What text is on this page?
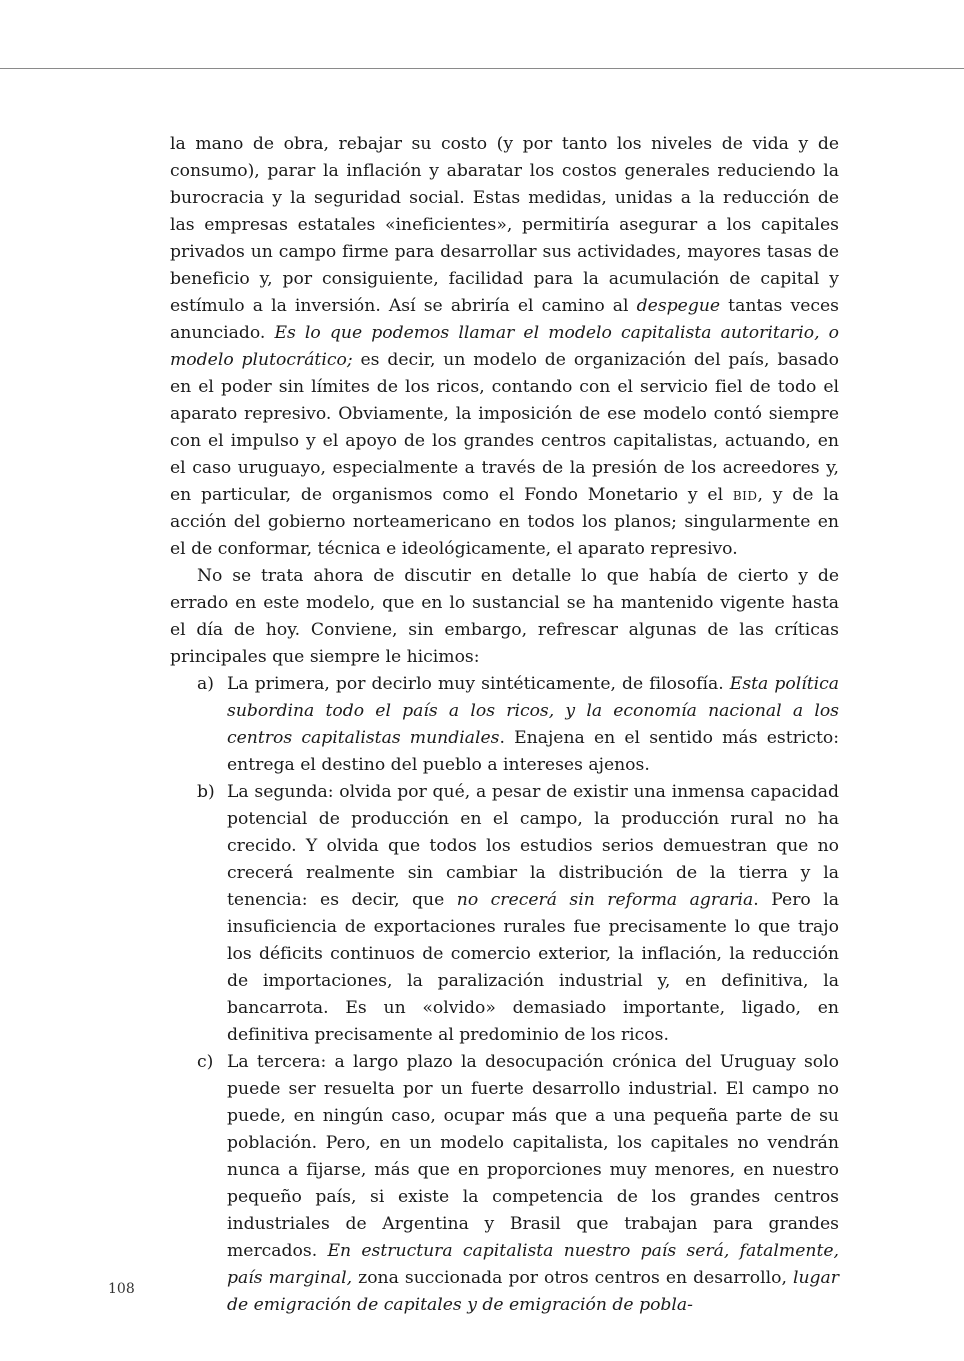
la mano de obra, rebajar su costo (y por tanto los niveles de vida y de consumo), parar la inflación y abaratar los costos generales reduciendo la burocracia y la seguridad social. Estas medidas, unidas a la reducción de las empresas estatales «ineficientes», permitiría asegurar a los capitales privados un campo firme para desarrollar sus actividades, mayores tasas de beneficio y, por consiguiente, facilidad para la acumulación de capital y estímulo a la inversión. Así se abriría el camino al despegue tantas veces anunciado. Es lo que podemos llamar el modelo capitalista autoritario, o modelo plutocrático; es decir, un modelo de organización del país, basado en el poder sin límites de los ricos, contando con el servicio fiel de todo el aparato represivo. Obviamente, la imposición de ese modelo contó siempre con el impulso y el apoyo de los grandes centros capitalistas, actuando, en el caso uruguayo, especialmente a través de la presión de los acreedores y, en particular, de organismos como el Fondo Monetario y el bid, y de la acción del gobierno norteamericano en todos los planos; singularmente en el de conformar, técnica e ideológicamente, el aparato represivo.

No se trata ahora de discutir en detalle lo que había de cierto y de errado en este modelo, que en lo sustancial se ha mantenido vigente hasta el día de hoy. Conviene, sin embargo, refrescar algunas de las críticas principales que siempre le hicimos:

a) La primera, por decirlo muy sintéticamente, de filosofía. Esta política subordina todo el país a los ricos, y la economía nacional a los centros capitalistas mundiales. Enajena en el sentido más estricto: entrega el destino del pueblo a intereses ajenos.
b) La segunda: olvida por qué, a pesar de existir una inmensa capacidad potencial de producción en el campo, la producción rural no ha crecido. Y olvida que todos los estudios serios demuestran que no crecerá realmente sin cambiar la distribución de la tierra y la tenencia: es decir, que no crecerá sin reforma agraria. Pero la insuficiencia de exportaciones rurales fue precisamente lo que trajo los déficits continuos de comercio exterior, la inflación, la reducción de importaciones, la paralización industrial y, en definitiva, la bancarrota. Es un «olvido» demasiado importante, ligado, en definitiva precisamente al predominio de los ricos.
c) La tercera: a largo plazo la desocupación crónica del Uruguay solo puede ser resuelta por un fuerte desarrollo industrial. El campo no puede, en ningún caso, ocupar más que a una pequeña parte de su población. Pero, en un modelo capitalista, los capitales no vendrán nunca a fijarse, más que en proporciones muy menores, en nuestro pequeño país, si existe la competencia de los grandes centros industriales de Argentina y Brasil que trabajan para grandes mercados. En estructura capitalista nuestro país será, fatalmente, país marginal, zona succionada por otros centros en desarrollo, lugar de emigración de capitales y de emigración de pobla-
108
